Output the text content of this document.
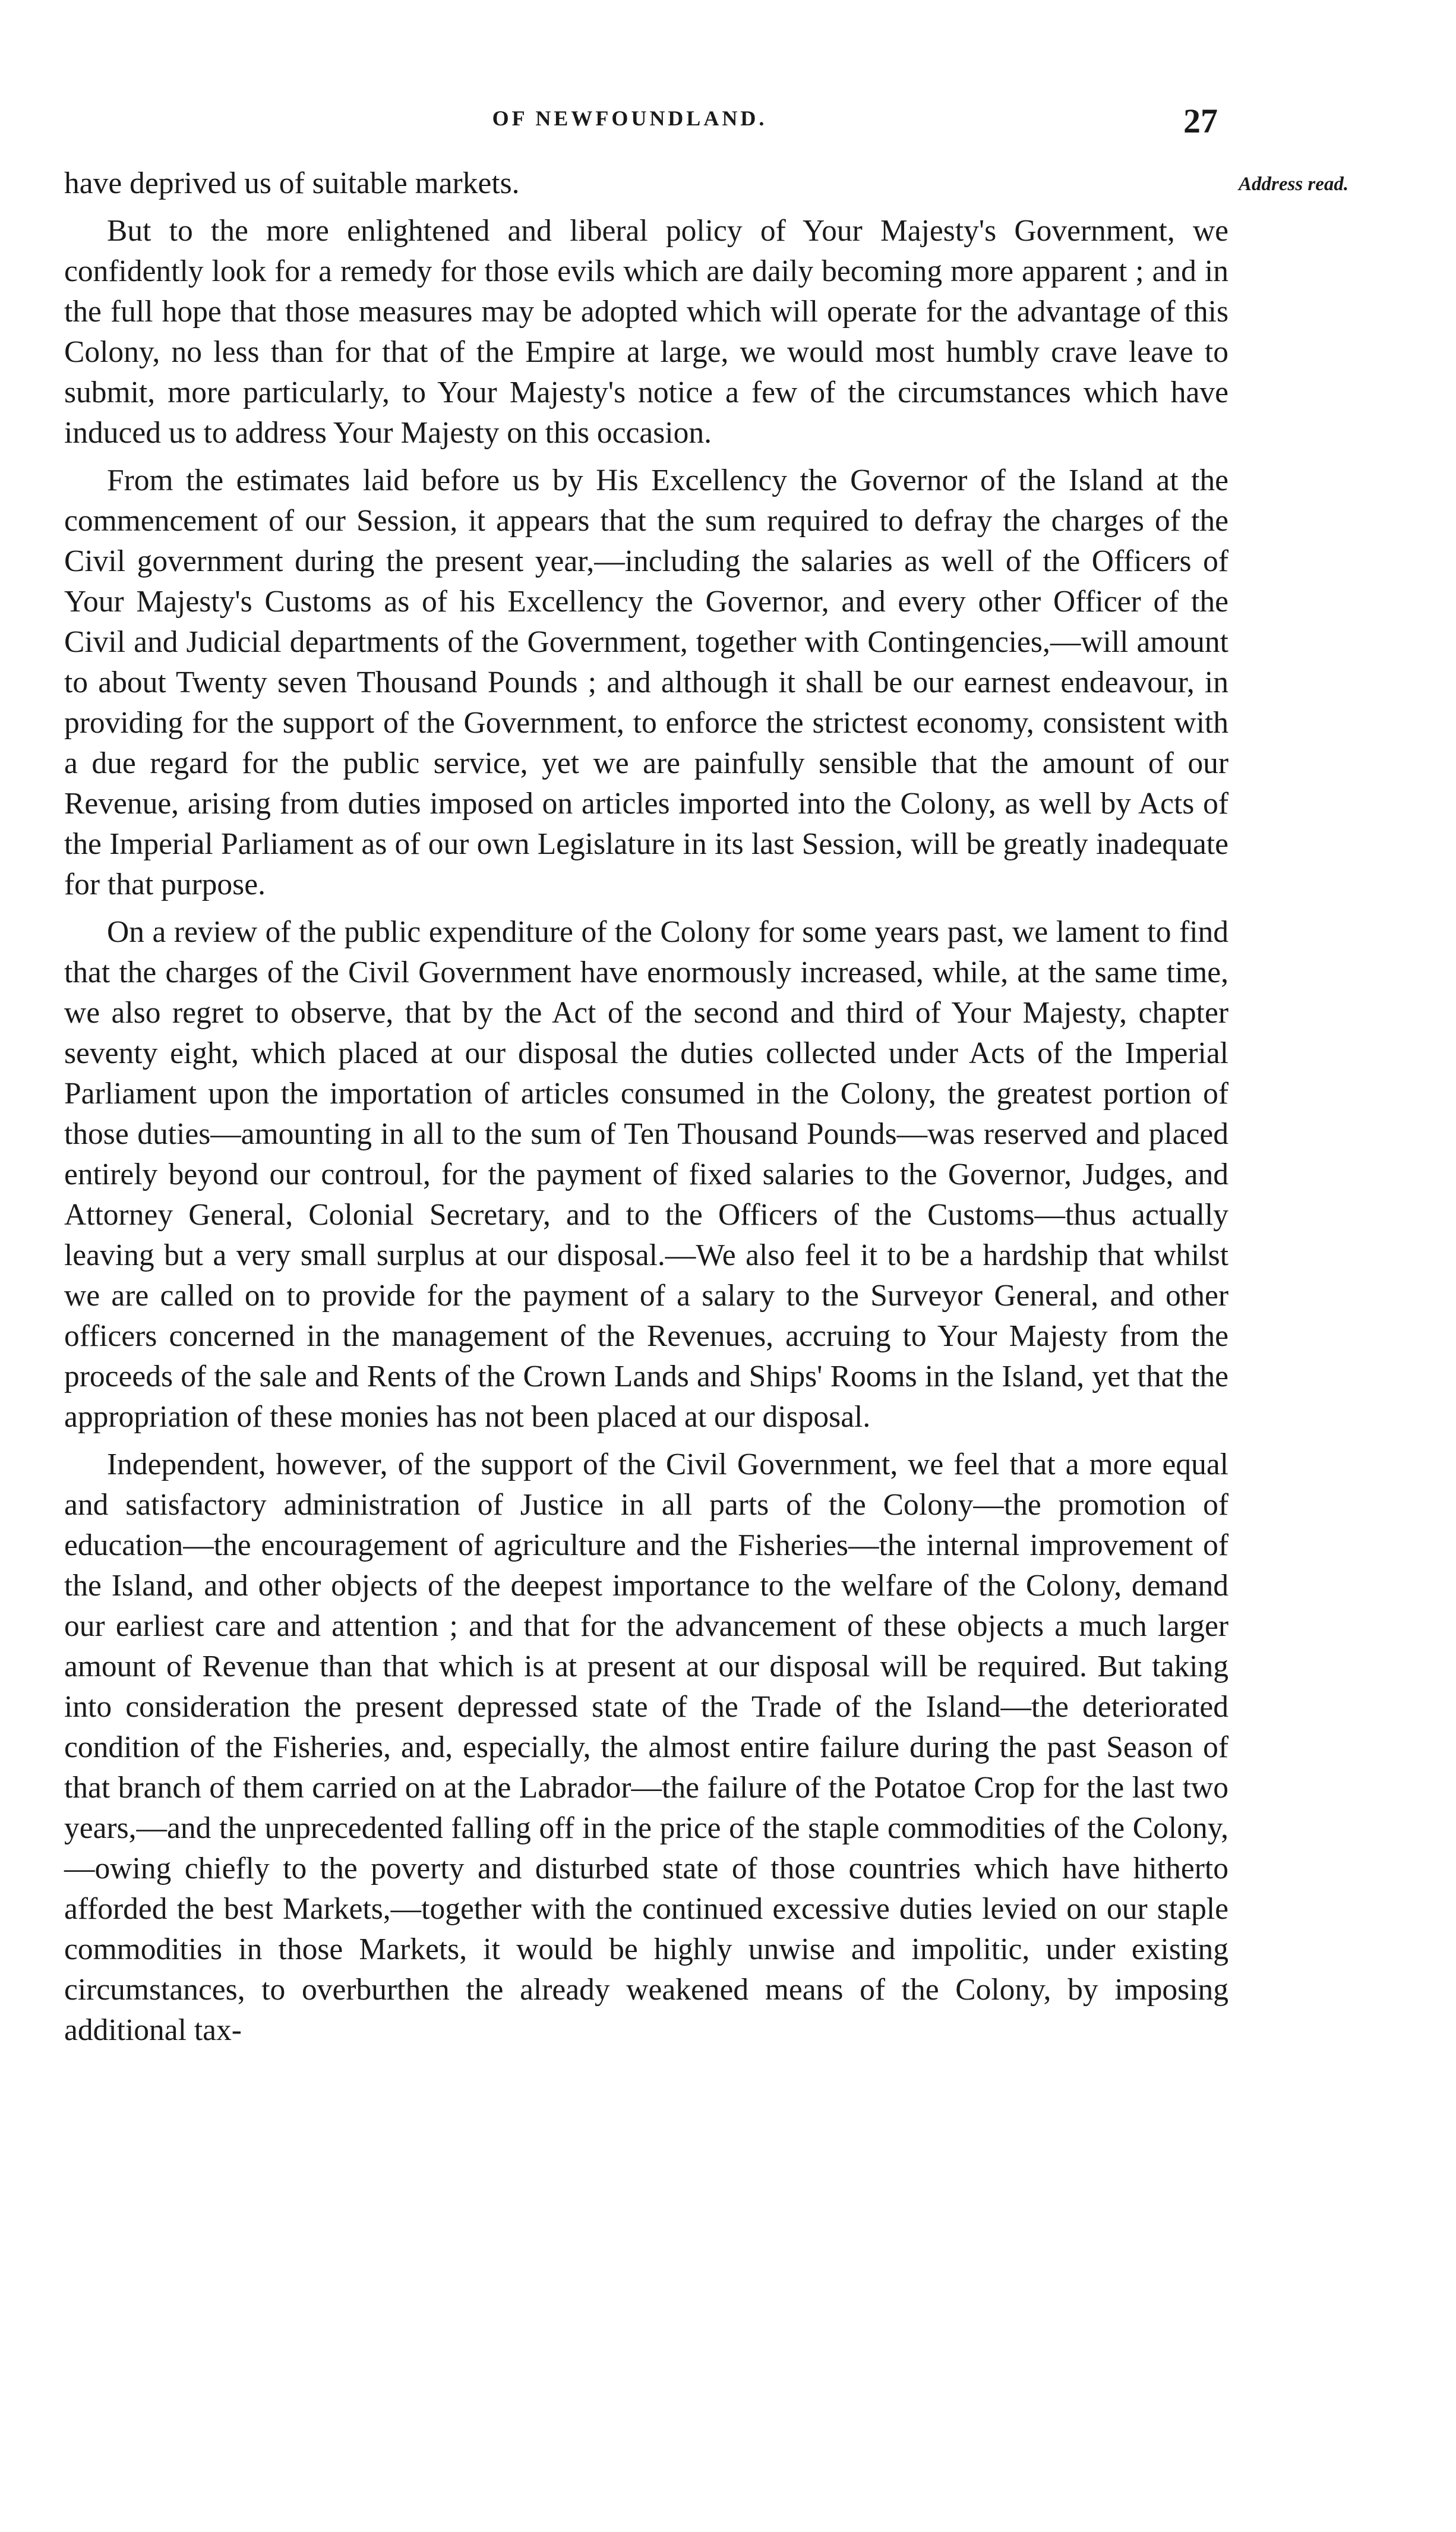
OF NEWFOUNDLAND.	27
Address read.

have deprived us of suitable markets.

But to the more enlightened and liberal policy of Your Majesty's Government, we confidently look for a remedy for those evils which are daily becoming more apparent ; and in the full hope that those measures may be adopted which will operate for the advantage of this Colony, no less than for that of the Empire at large, we would most humbly crave leave to submit, more particularly, to Your Majesty's notice a few of the circumstances which have induced us to address Your Majesty on this occasion.

From the estimates laid before us by His Excellency the Governor of the Island at the commencement of our Session, it appears that the sum required to defray the charges of the Civil government during the present year,—including the salaries as well of the Officers of Your Majesty's Customs as of his Excellency the Governor, and every other Officer of the Civil and Judicial departments of the Government, together with Contingencies,—will amount to about Twenty seven Thousand Pounds ; and although it shall be our earnest endeavour, in providing for the support of the Government, to enforce the strictest economy, consistent with a due regard for the public service, yet we are painfully sensible that the amount of our Revenue, arising from duties imposed on articles imported into the Colony, as well by Acts of the Imperial Parliament as of our own Legislature in its last Session, will be greatly inadequate for that purpose.

On a review of the public expenditure of the Colony for some years past, we lament to find that the charges of the Civil Government have enormously increased, while, at the same time, we also regret to observe, that by the Act of the second and third of Your Majesty, chapter seventy eight, which placed at our disposal the duties collected under Acts of the Imperial Parliament upon the importation of articles consumed in the Colony, the greatest portion of those duties—amounting in all to the sum of Ten Thousand Pounds—was reserved and placed entirely beyond our controul, for the payment of fixed salaries to the Governor, Judges, and Attorney General, Colonial Secretary, and to the Officers of the Customs—thus actually leaving but a very small surplus at our disposal.—We also feel it to be a hardship that whilst we are called on to provide for the payment of a salary to the Surveyor General, and other officers concerned in the management of the Revenues, accruing to Your Majesty from the proceeds of the sale and Rents of the Crown Lands and Ships' Rooms in the Island, yet that the appropriation of these monies has not been placed at our disposal.

Independent, however, of the support of the Civil Government, we feel that a more equal and satisfactory administration of Justice in all parts of the Colony—the promotion of education—the encouragement of agriculture and the Fisheries—the internal improvement of the Island, and other objects of the deepest importance to the welfare of the Colony, demand our earliest care and attention ; and that for the advancement of these objects a much larger amount of Revenue than that which is at present at our disposal will be required. But taking into consideration the present depressed state of the Trade of the Island—the deteriorated condition of the Fisheries, and, especially, the almost entire failure during the past Season of that branch of them carried on at the Labrador—the failure of the Potatoe Crop for the last two years,—and the unprecedented falling off in the price of the staple commodities of the Colony,—owing chiefly to the poverty and disturbed state of those countries which have hitherto afforded the best Markets,—together with the continued excessive duties levied on our staple commodities in those Markets, it would be highly unwise and impolitic, under existing circumstances, to overburthen the already weakened means of the Colony, by imposing additional tax-
